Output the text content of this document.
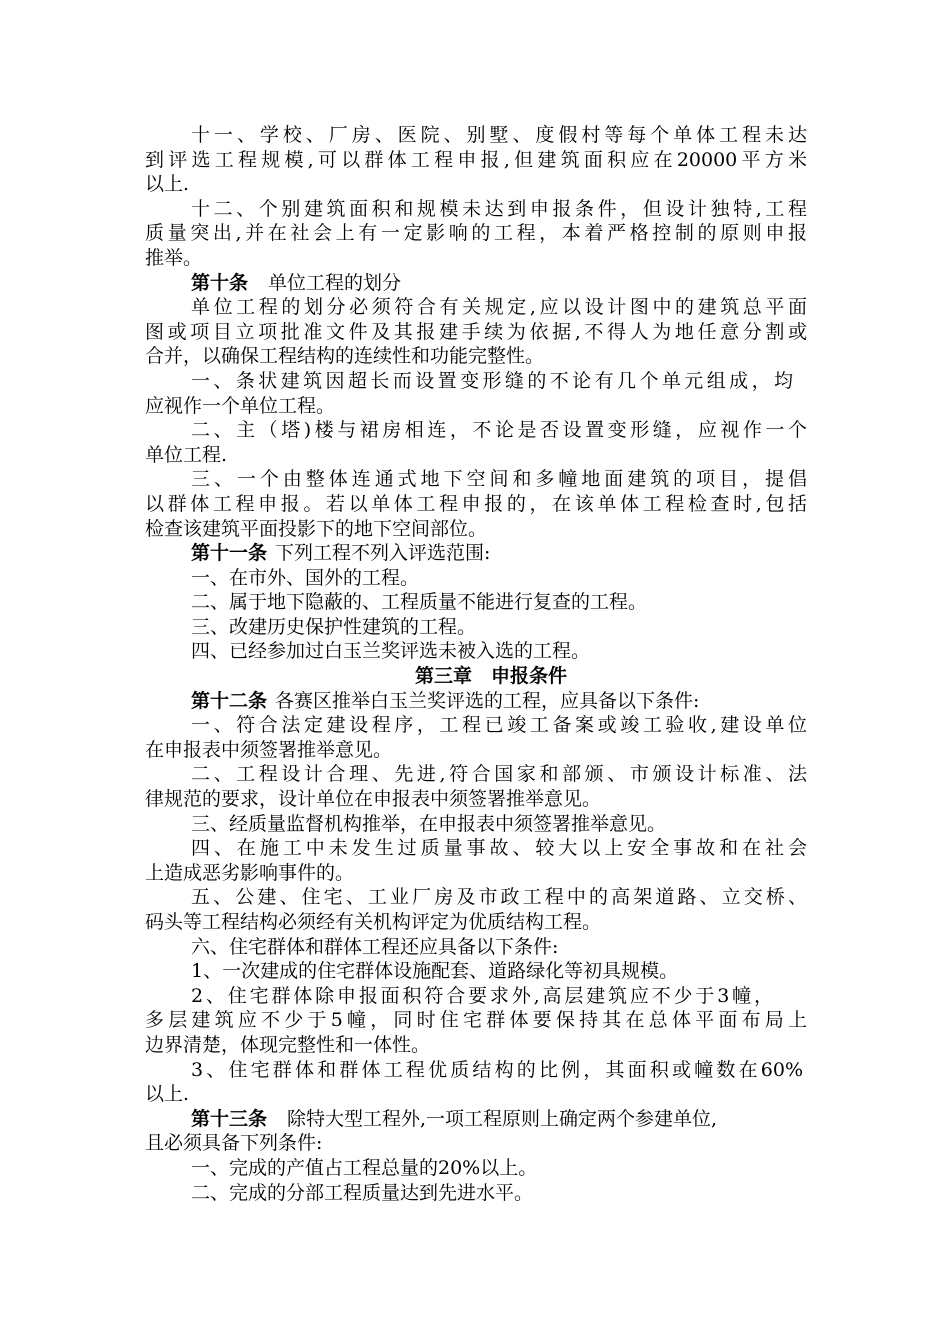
十一、学校、厂房、医院、别墅、度假村等每个单体工程未达
到评选工程规模,可以群体工程申报,但建筑面积应在20000平方米
以上.
十二、个别建筑面积和规模未达到申报条件，但设计独特,工程
质量突出,并在社会上有一定影响的工程，本着严格控制的原则申报
推举。
第十条 单位工程的划分
单位工程的划分必须符合有关规定,应以设计图中的建筑总平面
图或项目立项批准文件及其报建手续为依据,不得人为地任意分割或
合并，以确保工程结构的连续性和功能完整性。
一、条状建筑因超长而设置变形缝的不论有几个单元组成，均
应视作一个单位工程。
二、主（塔)楼与裙房相连，不论是否设置变形缝，应视作一个
单位工程.
三、一个由整体连通式地下空间和多幢地面建筑的项目，提倡
以群体工程申报。若以单体工程申报的，在该单体工程检查时,包括
检查该建筑平面投影下的地下空间部位。
第十一条 下列工程不列入评选范围:
一、在市外、国外的工程。
二、属于地下隐蔽的、工程质量不能进行复查的工程。
三、改建历史保护性建筑的工程。
四、已经参加过白玉兰奖评选未被入选的工程。
第三章　申报条件
第十二条 各赛区推举白玉兰奖评选的工程，应具备以下条件:
一、符合法定建设程序，工程已竣工备案或竣工验收,建设单位
在申报表中须签署推举意见。
二、工程设计合理、先进,符合国家和部颁、市颁设计标准、法
律规范的要求，设计单位在申报表中须签署推举意见。
三、经质量监督机构推举，在申报表中须签署推举意见。
四、在施工中未发生过质量事故、较大以上安全事故和在社会
上造成恶劣影响事件的。
五、公建、住宅、工业厂房及市政工程中的高架道路、立交桥、
码头等工程结构必须经有关机构评定为优质结构工程。
六、住宅群体和群体工程还应具备以下条件:
1、一次建成的住宅群体设施配套、道路绿化等初具规模。
2、住宅群体除申报面积符合要求外,高层建筑应不少于3幢，
多层建筑应不少于5幢，同时住宅群体要保持其在总体平面布局上
边界清楚，体现完整性和一体性。
3、住宅群体和群体工程优质结构的比例，其面积或幢数在60%
以上.
第十三条 除特大型工程外,一项工程原则上确定两个参建单位,
且必须具备下列条件:
一、完成的产值占工程总量的20%以上。
二、完成的分部工程质量达到先进水平。
